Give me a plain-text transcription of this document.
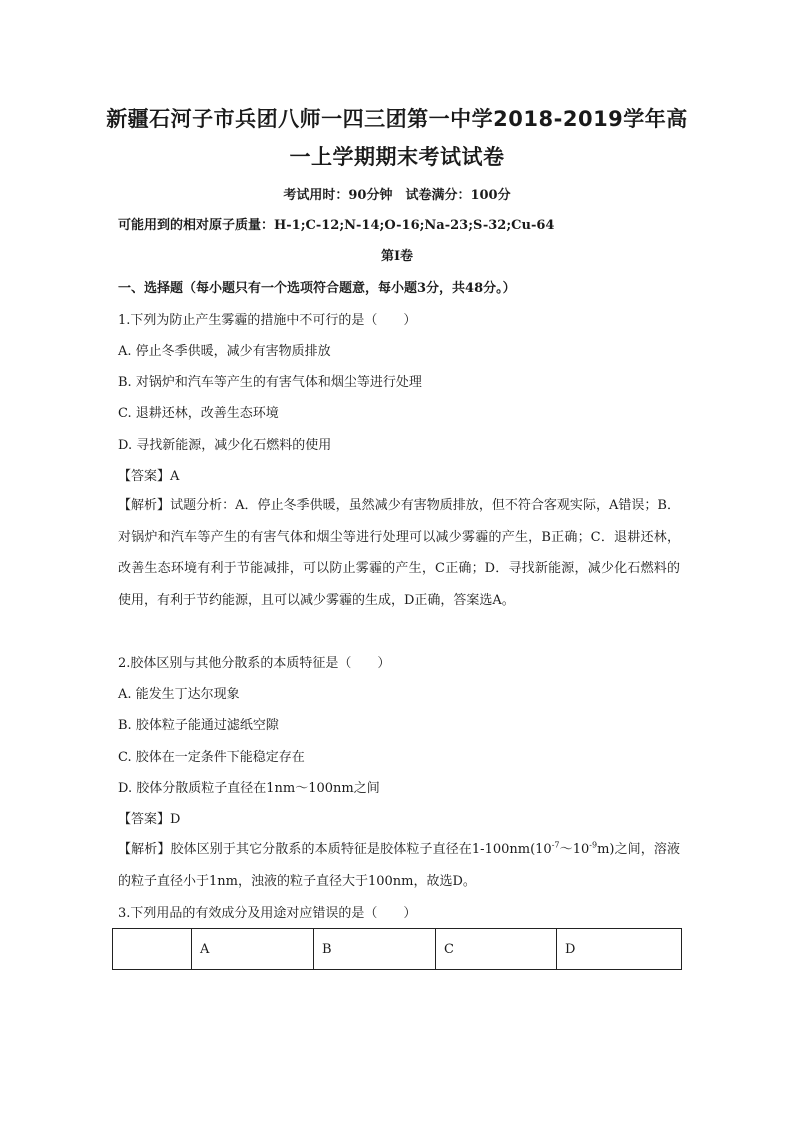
新疆石河子市兵团八师一四三团第一中学2018-2019学年高
一上学期期末考试试卷
考试用时：90分钟　试卷满分：100分
可能用到的相对原子质量：H-1;C-12;N-14;O-16;Na-23;S-32;Cu-64
第Ⅰ卷
一、选择题（每小题只有一个选项符合题意，每小题3分，共48分。）
1.下列为防止产生雾霾的措施中不可行的是（　　）
A. 停止冬季供暖，减少有害物质排放
B. 对锅炉和汽车等产生的有害气体和烟尘等进行处理
C. 退耕还林，改善生态环境
D. 寻找新能源，减少化石燃料的使用
【答案】A
【解析】试题分析：A．停止冬季供暖，虽然减少有害物质排放，但不符合客观实际，A错误；B．对锅炉和汽车等产生的有害气体和烟尘等进行处理可以减少雾霾的产生，B正确；C．退耕还林，改善生态环境有利于节能减排，可以防止雾霾的产生，C正确；D．寻找新能源，减少化石燃料的使用，有利于节约能源，且可以减少雾霾的生成，D正确，答案选A。
2.胶体区别与其他分散系的本质特征是（　　）
A. 能发生丁达尔现象
B. 胶体粒子能通过滤纸空隙
C. 胶体在一定条件下能稳定存在
D. 胶体分散质粒子直径在1nm～100nm之间
【答案】D
【解析】胶体区别于其它分散系的本质特征是胶体粒子直径在$1-100nm(10^{-7}\sim 10^{-9}m)$之间，溶液的粒子直径小于1nm，浊液的粒子直径大于100nm，故选D。
3.下列用品的有效成分及用途对应错误的是（　　）
	A	B	C	D
